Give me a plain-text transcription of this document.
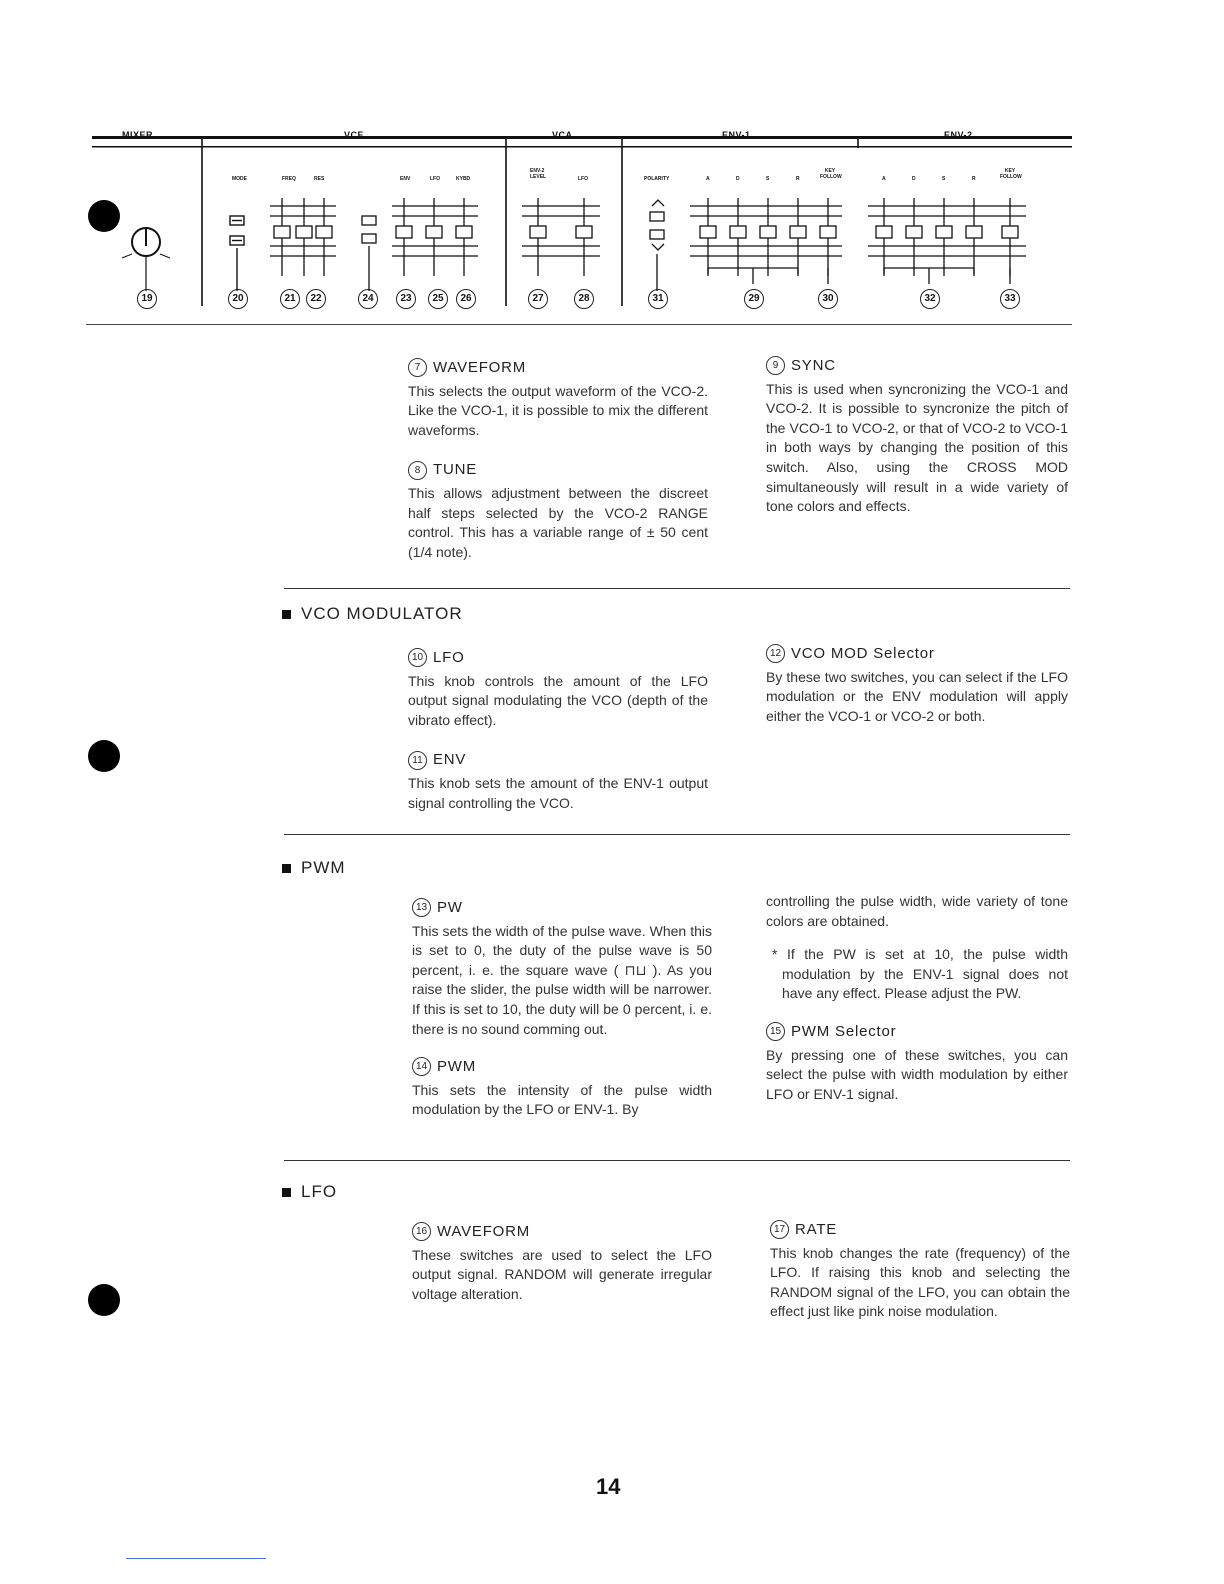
MIXER	VCF	VCA	ENV-1	ENV-2
MODE	FREQ	RES	ENV	LFO	KYBD
ENV-2 LEVEL	LFO	POLARITY	A	D	S	R
KEY FOLLOW	A	D	S	R
KEY FOLLOW
19	20	21	22	24	23	25	26	27	28	31	29	30	32	33
7 WAVEFORM

This selects the output waveform of the VCO-2. Like the VCO-1, it is possible to mix the different waveforms.

8 TUNE

This allows adjustment between the discreet half steps selected by the VCO-2 RANGE control. This has a variable range of ± 50 cent (1/4 note).

9 SYNC

This is used when syncronizing the VCO-1 and VCO-2. It is possible to syncronize the pitch of the VCO-1 to VCO-2, or that of VCO-2 to VCO-1 in both ways by changing the position of this switch. Also, using the CROSS MOD simultaneously will result in a wide variety of tone colors and effects.

VCO MODULATOR
10 LFO

This knob controls the amount of the LFO output signal modulating the VCO (depth of the vibrato effect).

11 ENV

This knob sets the amount of the ENV-1 output signal controlling the VCO.

12 VCO MOD Selector

By these two switches, you can select if the LFO modulation or the ENV modulation will apply either the VCO-1 or VCO-2 or both.

PWM
13 PW

This sets the width of the pulse wave. When this is set to 0, the duty of the pulse wave is 50 percent, i. e. the square wave ( ⊓⊔ ). As you raise the slider, the pulse width will be narrower. If this is set to 10, the duty will be 0 percent, i. e. there is no sound comming out.

14 PWM

This sets the intensity of the pulse width modulation by the LFO or ENV-1. By

controlling the pulse width, wide variety of tone colors are obtained.

* If the PW is set at 10, the pulse width modulation by the ENV-1 signal does not have any effect. Please adjust the PW.

15 PWM Selector

By pressing one of these switches, you can select the pulse with width modulation by either LFO or ENV-1 signal.

LFO
16 WAVEFORM

These switches are used to select the LFO output signal. RANDOM will generate irregular voltage alteration.

17 RATE

This knob changes the rate (frequency) of the LFO. If raising this knob and selecting the RANDOM signal of the LFO, you can obtain the effect just like pink noise modulation.

14
